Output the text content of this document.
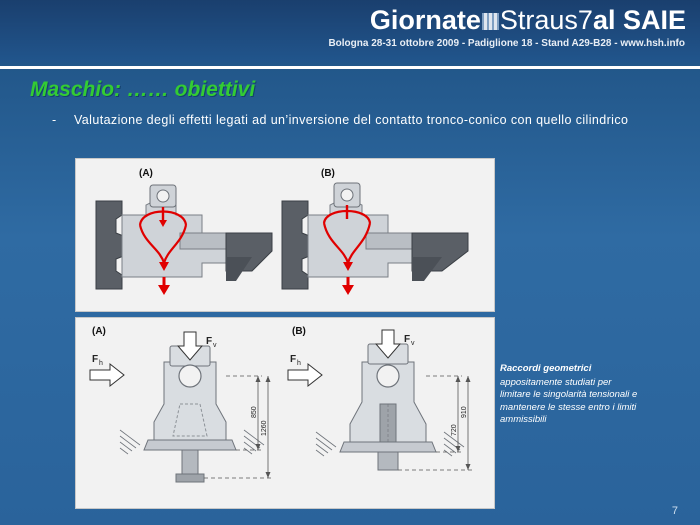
Giornate Straus7al SAIE
Bologna 28-31 ottobre 2009 - Padiglione 18 - Stand A29-B28 - www.hsh.info
Maschio: …… obiettivi
- Valutazione degli effetti legati ad un’inversione del contatto tronco-conico con quello cilindrico
(A)	(B)
(A)	(B)
F v
F h
850
1260
F v
F h
910
720
Raccordi geometrici
appositamente studiati per limitare le singolarità tensionali e mantenere le stesse entro i limiti ammissibili
7
